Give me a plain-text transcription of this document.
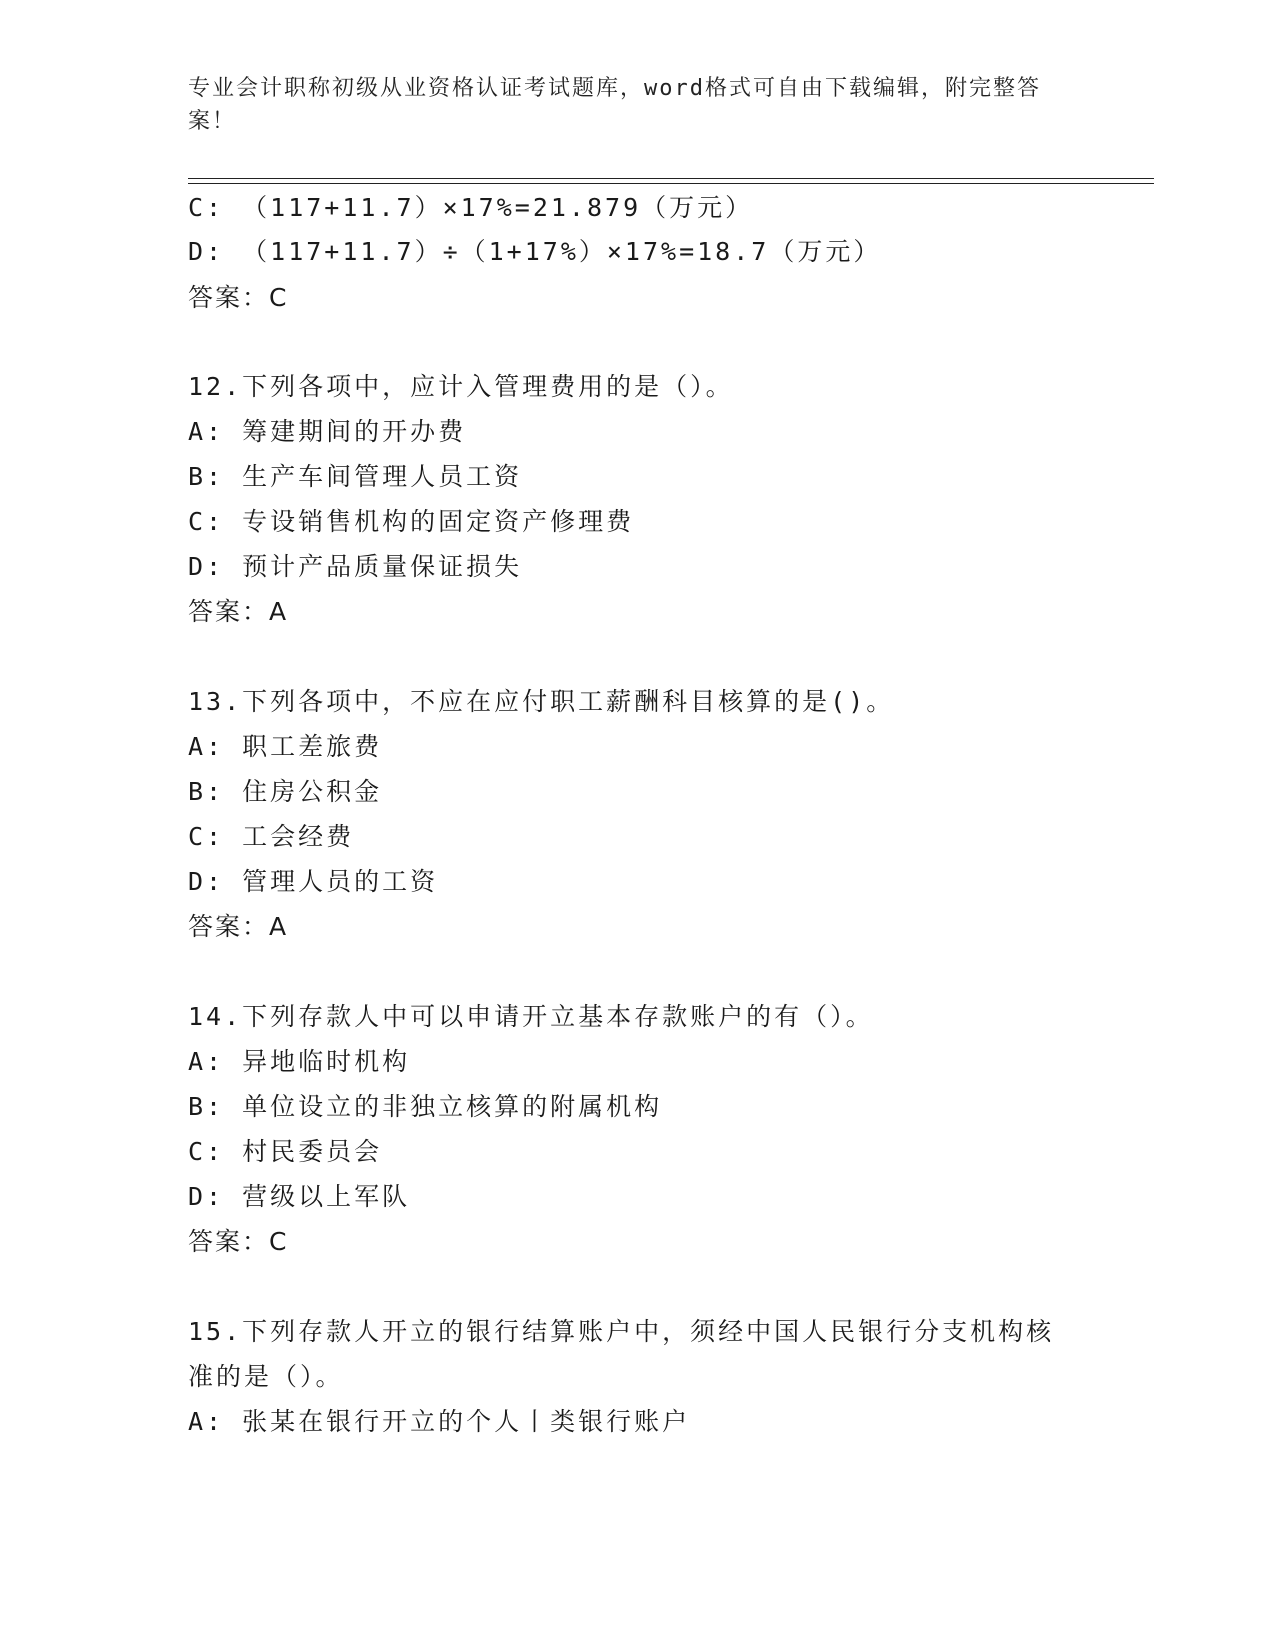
专业会计职称初级从业资格认证考试题库，word格式可自由下载编辑，附完整答案！
C: （117+11.7）×17%=21.879（万元）
D: （117+11.7）÷（1+17%）×17%=18.7（万元）
答案：C
12.下列各项中，应计入管理费用的是（）。
A: 筹建期间的开办费
B: 生产车间管理人员工资
C: 专设销售机构的固定资产修理费
D: 预计产品质量保证损失
答案：A
13.下列各项中，不应在应付职工薪酬科目核算的是()。
A: 职工差旅费
B: 住房公积金
C: 工会经费
D: 管理人员的工资
答案：A
14.下列存款人中可以申请开立基本存款账户的有（）。
A: 异地临时机构
B: 单位设立的非独立核算的附属机构
C: 村民委员会
D: 营级以上军队
答案：C
15.下列存款人开立的银行结算账户中，须经中国人民银行分支机构核
准的是（）。
A: 张某在银行开立的个人丨类银行账户
